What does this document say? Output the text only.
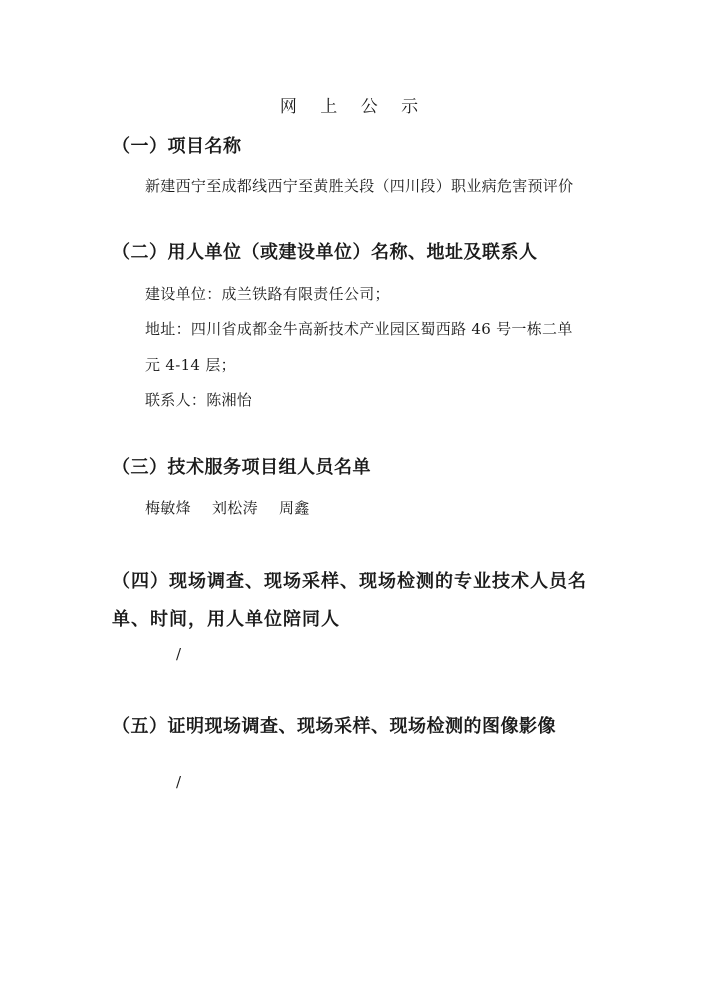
网 上 公 示
（一）项目名称
新建西宁至成都线西宁至黄胜关段（四川段）职业病危害预评价
（二）用人单位（或建设单位）名称、地址及联系人
建设单位：成兰铁路有限责任公司；
地址：四川省成都金牛高新技术产业园区蜀西路 46 号一栋二单
元 4-14 层；
联系人：陈湘怡
（三）技术服务项目组人员名单
梅敏烽 刘松涛 周鑫
（四）现场调查、现场采样、现场检测的专业技术人员名单、时间，用人单位陪同人
/
（五）证明现场调查、现场采样、现场检测的图像影像
/
